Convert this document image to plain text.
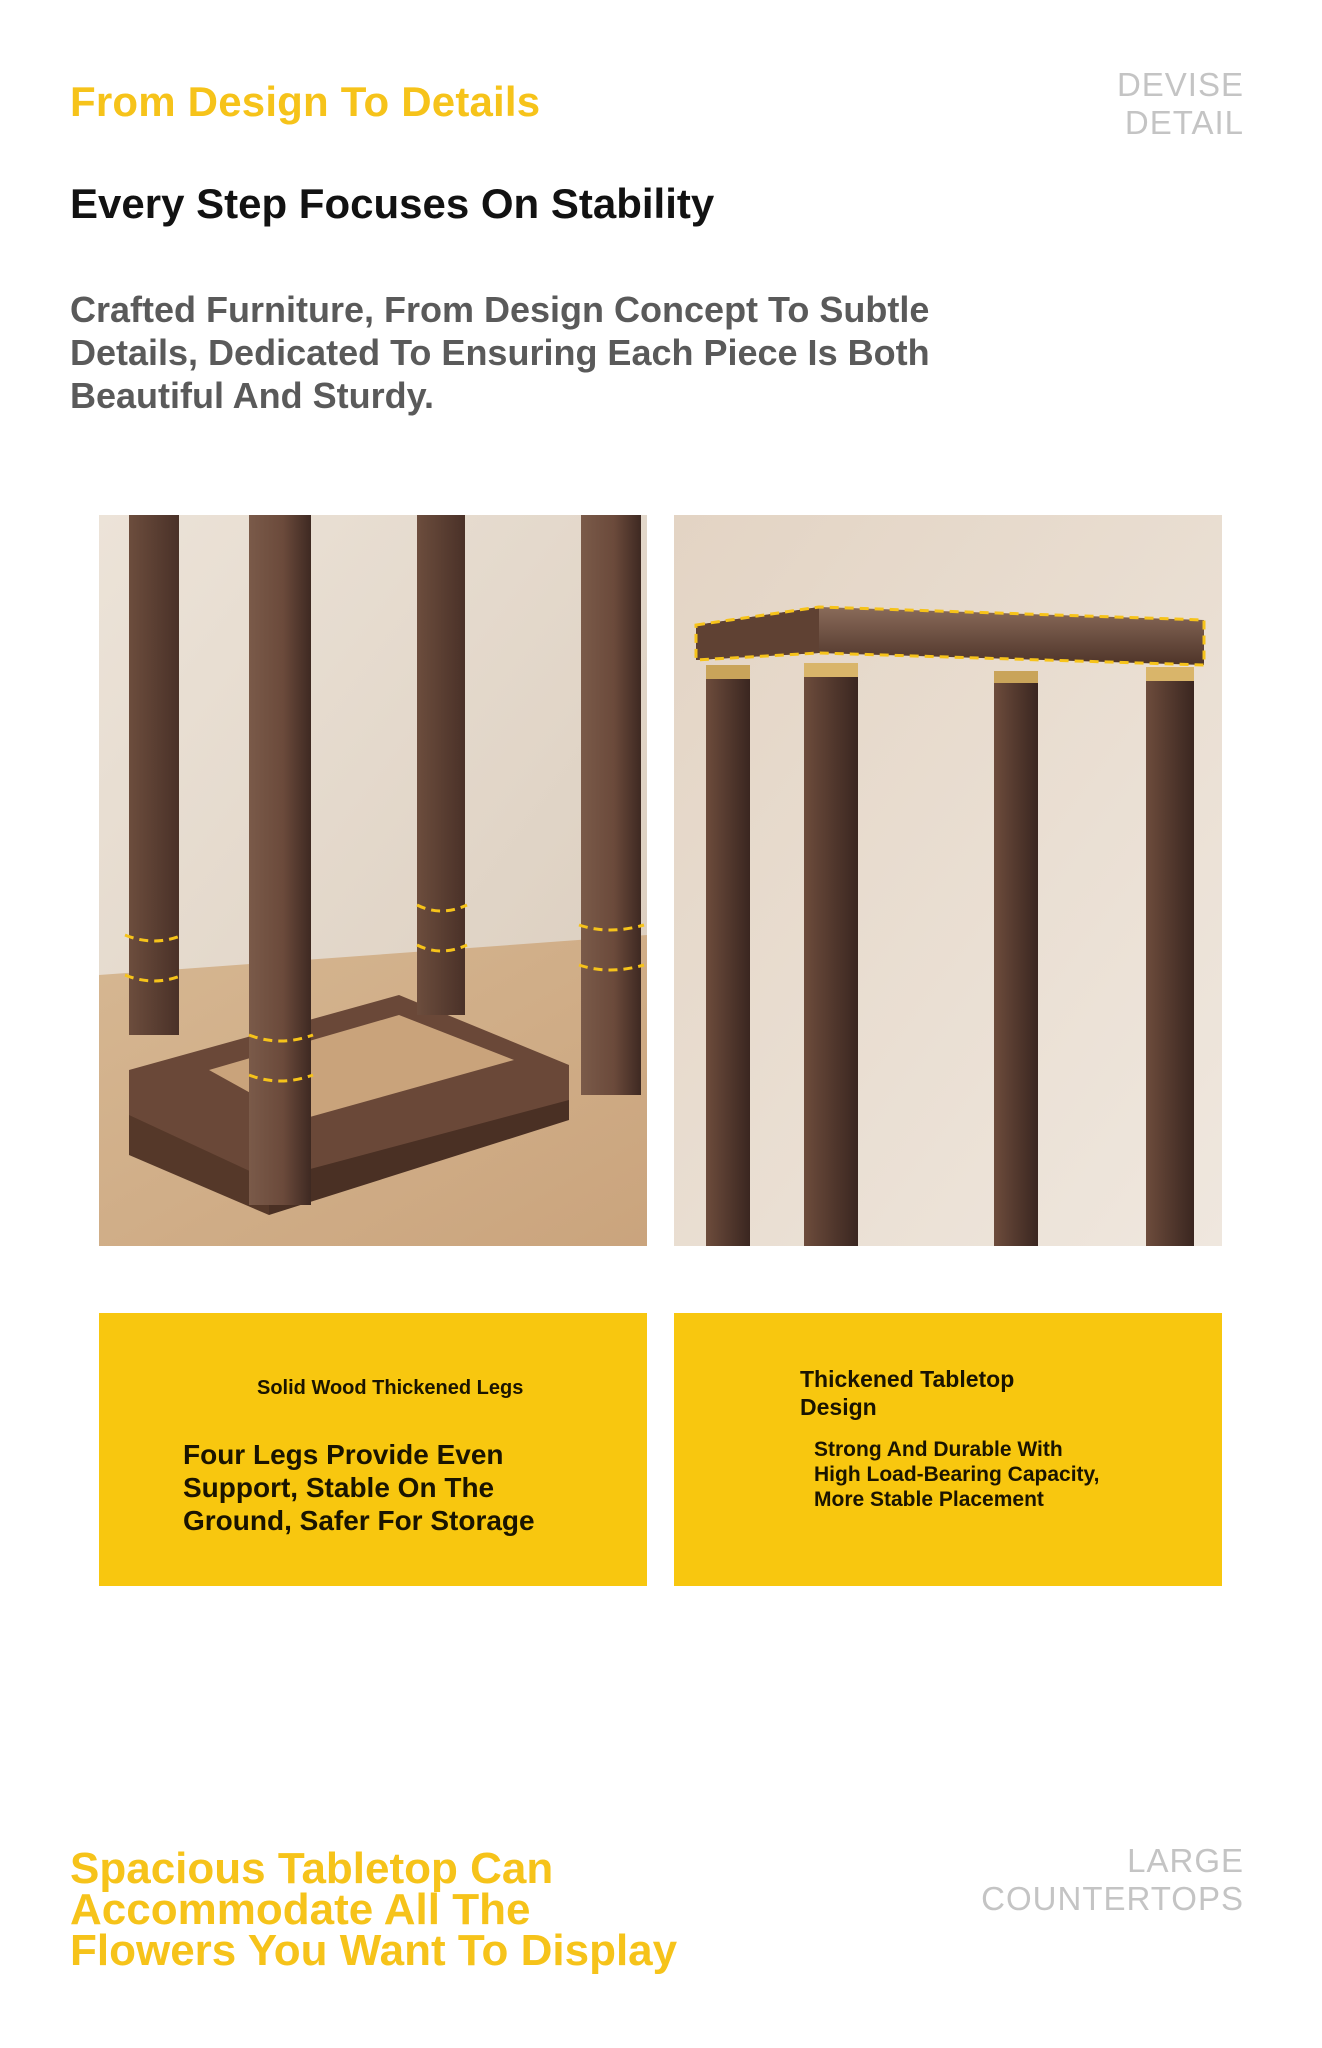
From Design To Details
Every Step Focuses On Stability
Crafted Furniture, From Design Concept To Subtle Details, Dedicated To Ensuring Each Piece Is Both Beautiful And Sturdy.
DEVISE
DETAIL
Solid Wood Thickened Legs
Four Legs Provide Even Support, Stable On The Ground, Safer For Storage
Thickened Tabletop Design
Strong And Durable With High Load-Bearing Capacity, More Stable Placement
Spacious Tabletop Can
Accommodate All The
Flowers You Want To Display
LARGE
COUNTERTOPS
